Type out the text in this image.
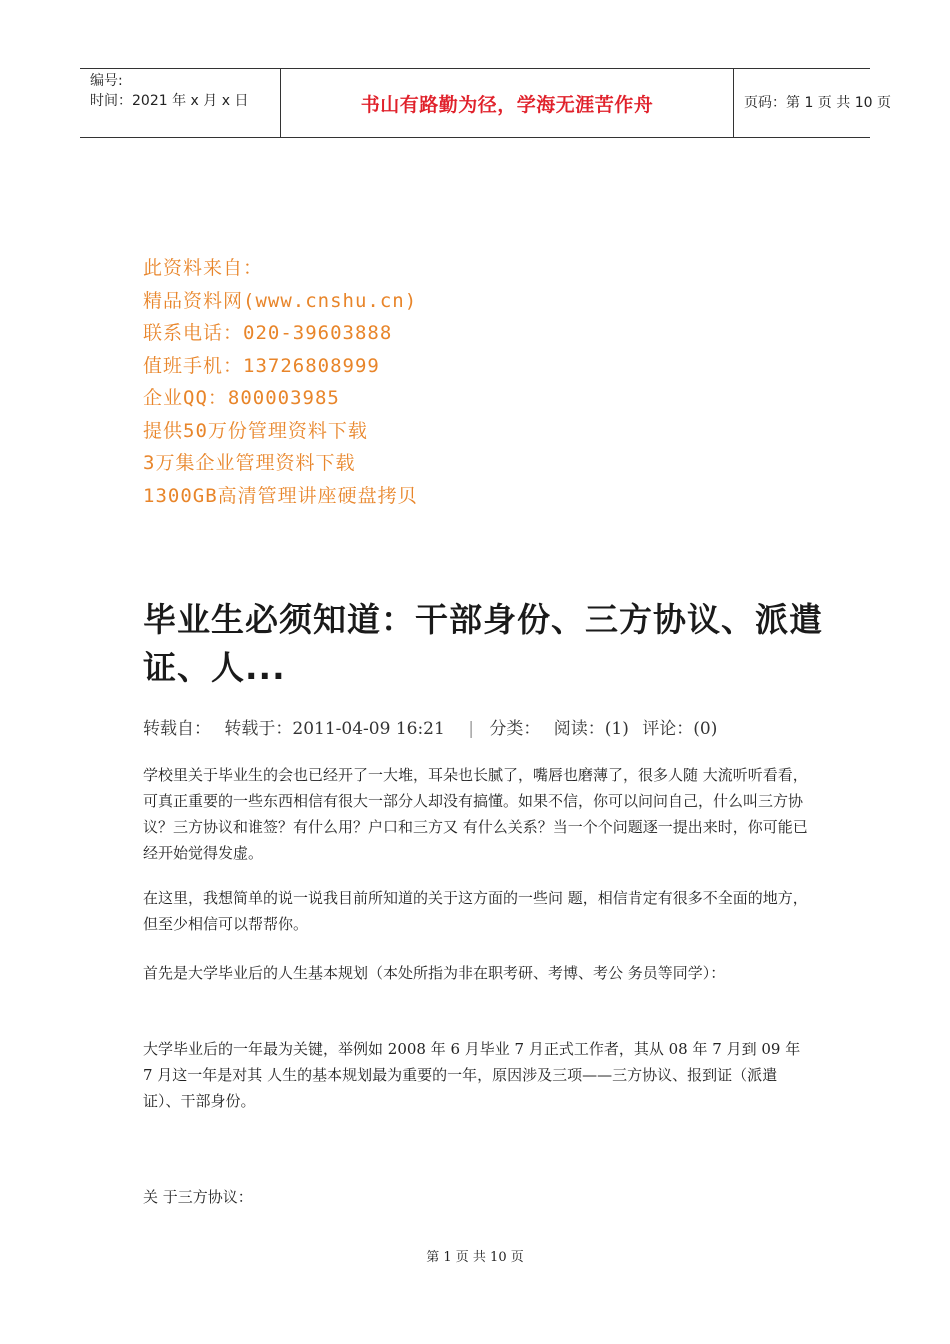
编号:
时间：2021 年 x 月 x 日	书山有路勤为径，学海无涯苦作舟	页码：第 1 页 共 10 页
此资料来自：
精品资料网(www.cnshu.cn)
联系电话：020-39603888
值班手机：13726808999
企业QQ：800003985
提供50万份管理资料下载
3万集企业管理资料下载
1300GB高清管理讲座硬盘拷贝
毕业生必须知道：干部身份、三方协议、派遣证、人...
转载自： 转载于：2011-04-09 16:21 | 分类： 阅读：(1) 评论：(0)
学校里关于毕业生的会也已经开了一大堆，耳朵也长腻了，嘴唇也磨薄了，很多人随 大流听听看看，可真正重要的一些东西相信有很大一部分人却没有搞懂。如果不信，你可以问问自己，什么叫三方协议？三方协议和谁签？有什么用？户口和三方又 有什么关系？当一个个问题逐一提出来时，你可能已经开始觉得发虚。
在这里，我想简单的说一说我目前所知道的关于这方面的一些问 题，相信肯定有很多不全面的地方，但至少相信可以帮帮你。
首先是大学毕业后的人生基本规划（本处所指为非在职考研、考博、考公 务员等同学）：
大学毕业后的一年最为关键，举例如 2008 年 6 月毕业 7 月正式工作者，其从 08 年 7 月到 09 年 7 月这一年是对其 人生的基本规划最为重要的一年，原因涉及三项——三方协议、报到证（派遣证）、干部身份。
关 于三方协议：
第 1 页 共 10 页
